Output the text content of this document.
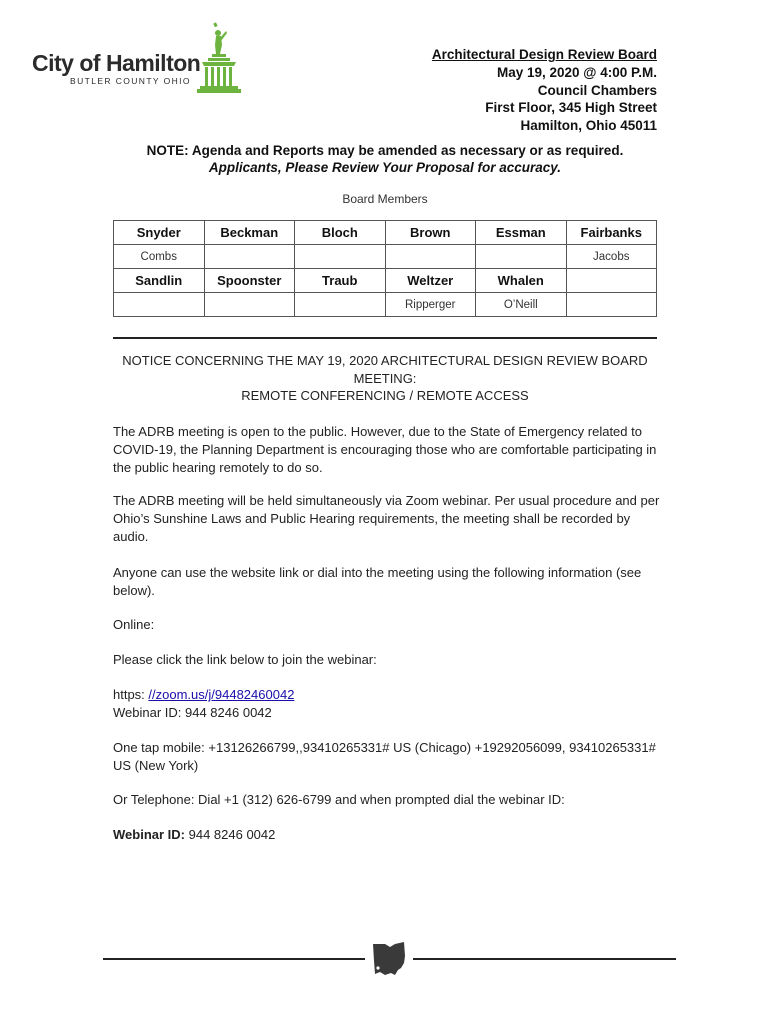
City of Hamilton
BUTLER COUNTY OHIO
Architectural Design Review Board
May 19, 2020 @ 4:00 P.M.
Council Chambers
First Floor, 345 High Street
Hamilton, Ohio 45011
NOTE: Agenda and Reports may be amended as necessary or as required.
Applicants, Please Review Your Proposal for accuracy.
Board Members
Snyder	Beckman	Bloch	Brown	Essman	Fairbanks
Combs					Jacobs
Sandlin	Spoonster	Traub	Weltzer	Whalen	
			Ripperger	O’Neill	
NOTICE CONCERNING THE MAY 19, 2020 ARCHITECTURAL DESIGN REVIEW BOARD
MEETING:
REMOTE CONFERENCING / REMOTE ACCESS
The ADRB meeting is open to the public. However, due to the State of Emergency related to COVID-19, the Planning Department is encouraging those who are comfortable participating in the public hearing remotely to do so.
The ADRB meeting will be held simultaneously via Zoom webinar. Per usual procedure and per Ohio’s Sunshine Laws and Public Hearing requirements, the meeting shall be recorded by audio.
Anyone can use the website link or dial into the meeting using the following information (see below).
Online:
Please click the link below to join the webinar:
https: //zoom.us/j/94482460042
Webinar ID: 944 8246 0042
One tap mobile: +13126266799,,93410265331# US (Chicago) +19292056099, 93410265331# US (New York)
Or Telephone: Dial +1 (312) 626-6799 and when prompted dial the webinar ID:
Webinar ID: 944 8246 0042
